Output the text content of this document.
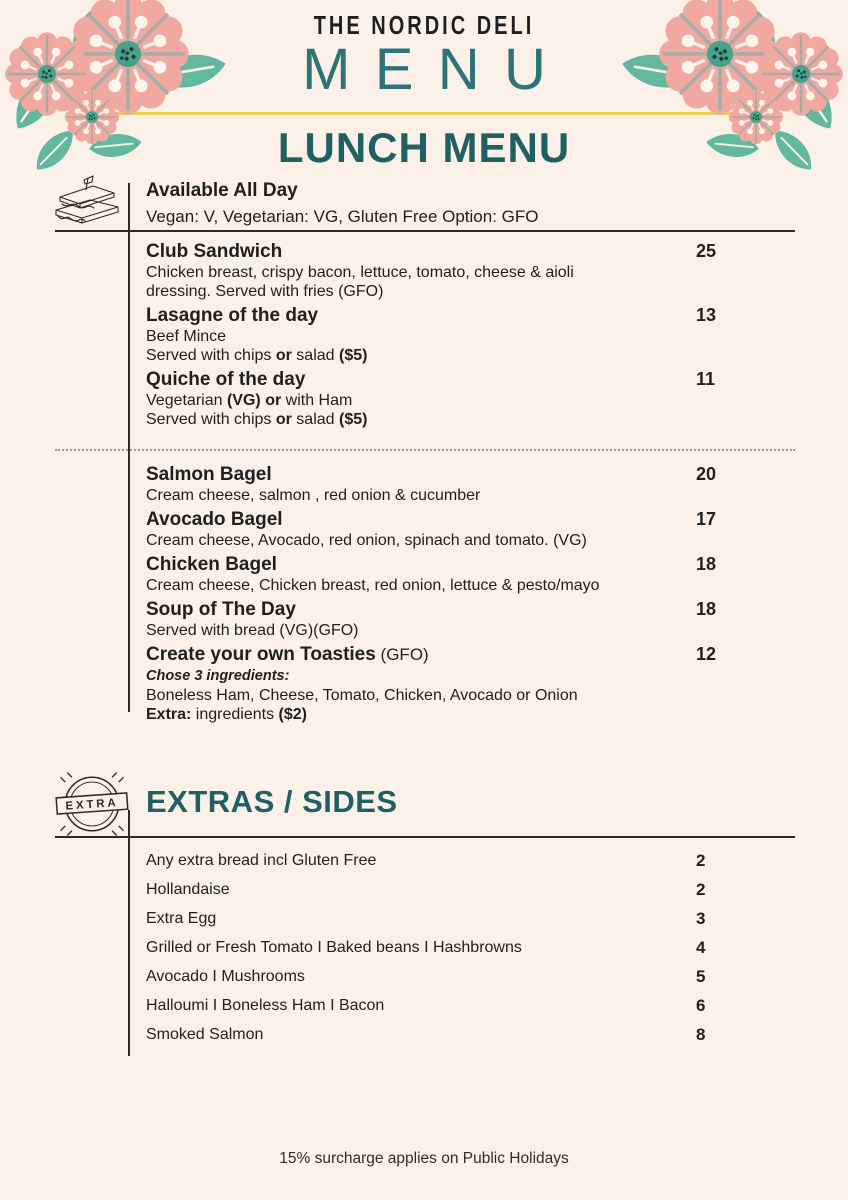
THE NORDIC DELI
MENU
LUNCH MENU
Available All Day

Vegan: V, Vegetarian: VG, Gluten Free Option: GFO

Club Sandwich	25
Chicken breast, crispy bacon, lettuce, tomato, cheese & aioli
dressing. Served with fries (GFO)
Lasagne of the day	13
Beef Mince
Served with chips or salad ($5)
Quiche of the day	11
Vegetarian (VG) or with Ham
Served with chips or salad ($5)
Salmon Bagel	20
Cream cheese, salmon , red onion & cucumber
Avocado Bagel	17
Cream cheese, Avocado, red onion, spinach and tomato. (VG)
Chicken Bagel	18
Cream cheese, Chicken breast, red onion, lettuce & pesto/mayo
Soup of The Day	18
Served with bread (VG)(GFO)
Create your own Toasties (GFO)	12
Chose 3 ingredients:
Boneless Ham, Cheese, Tomato, Chicken, Avocado or Onion
Extra: ingredients ($2)
EXTRA EXTRAS / SIDES
Any extra bread incl Gluten Free	2
Hollandaise	2
Extra Egg	3
Grilled or Fresh Tomato I Baked beans I Hashbrowns	4
Avocado I Mushrooms	5
Halloumi I Boneless Ham I Bacon	6
Smoked Salmon	8
15% surcharge applies on Public Holidays
